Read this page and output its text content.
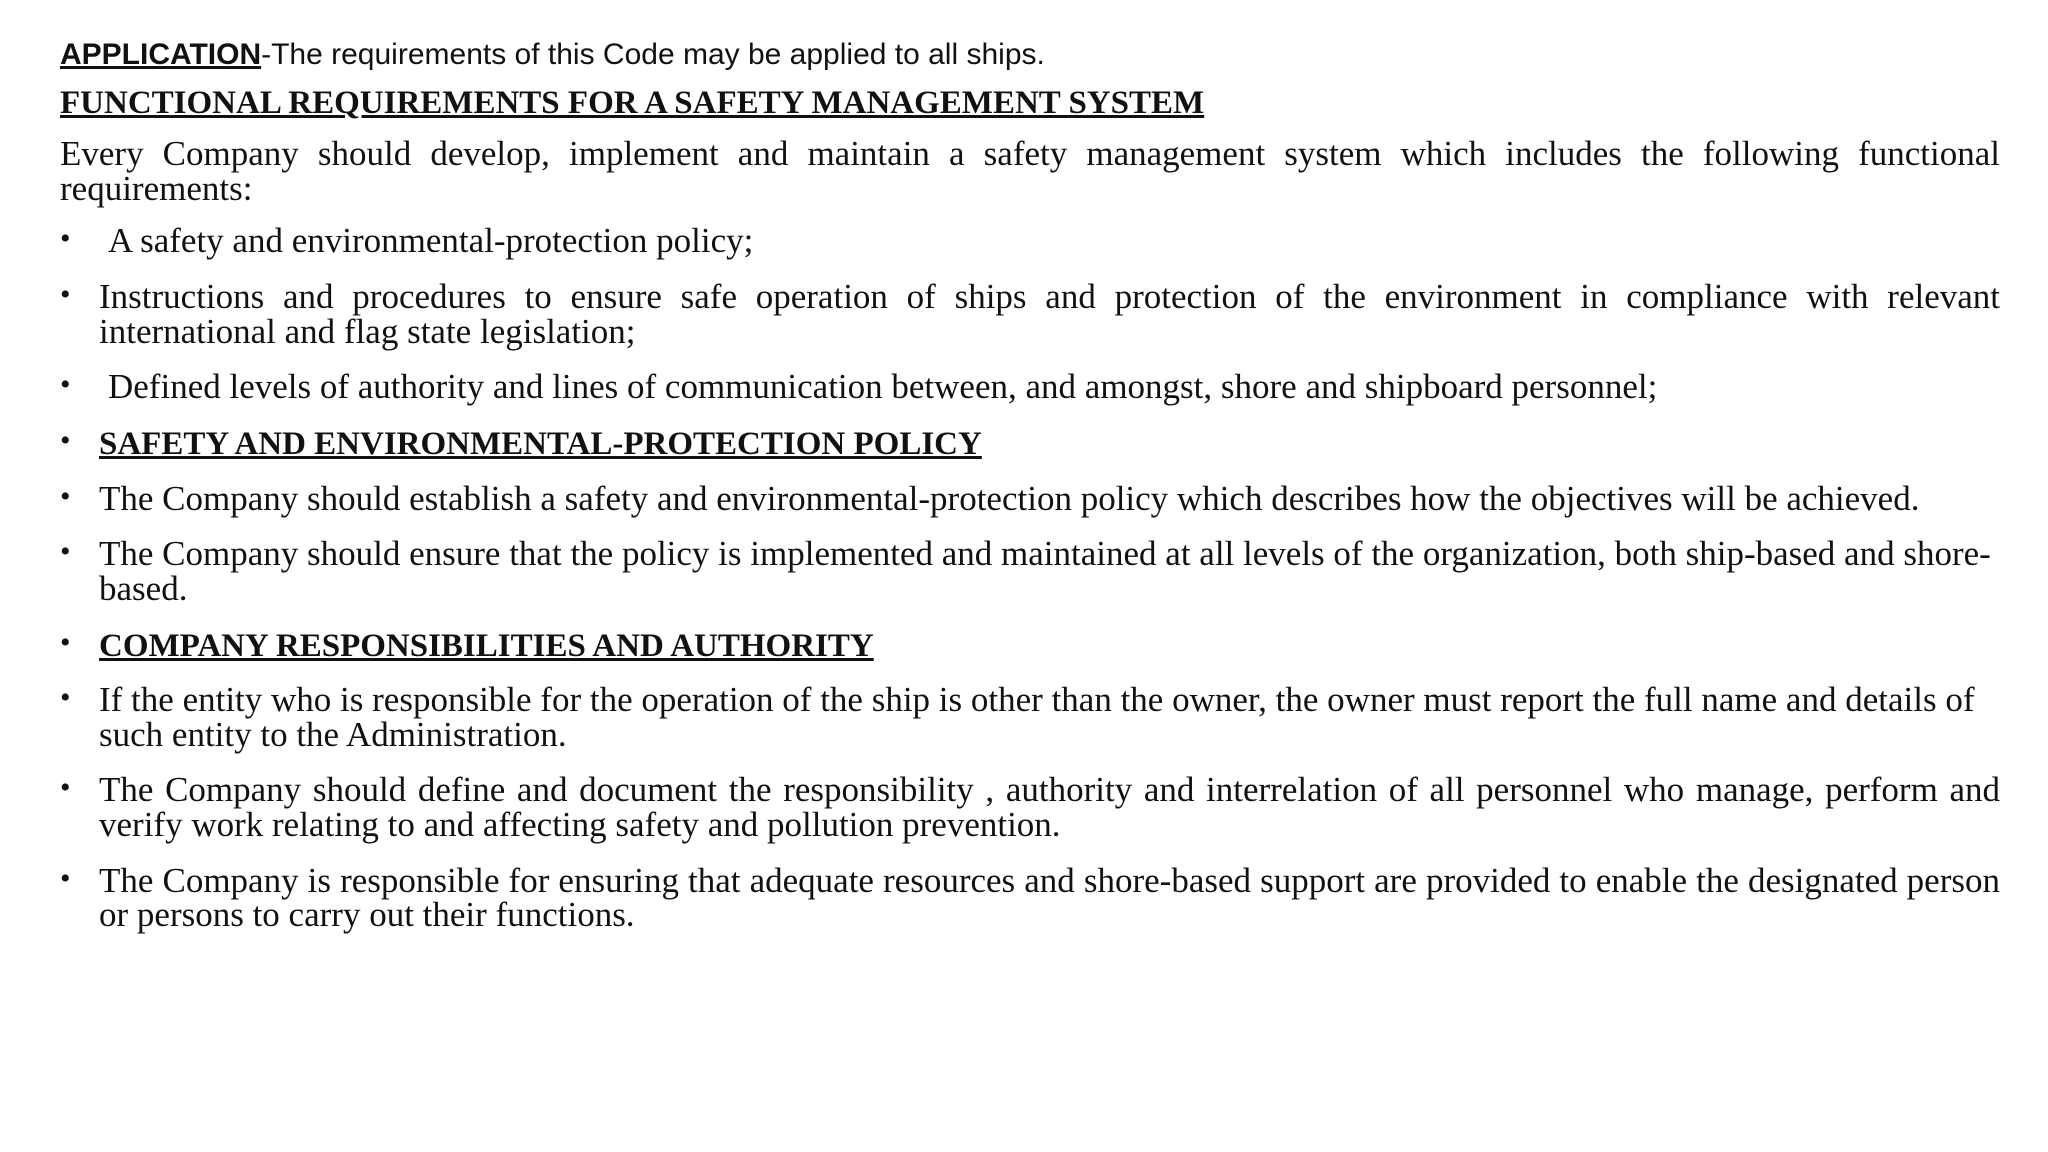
APPLICATION-The requirements of this Code may be applied to all ships.
FUNCTIONAL REQUIREMENTS FOR A SAFETY MANAGEMENT SYSTEM
Every Company should develop, implement and maintain a safety management system which includes the following functional requirements:
• A safety and environmental-protection policy;
• Instructions and procedures to ensure safe operation of ships and protection of the environment in compliance with relevant international and flag state legislation;
• Defined levels of authority and lines of communication between, and amongst, shore and shipboard personnel;
• SAFETY AND ENVIRONMENTAL-PROTECTION POLICY
• The Company should establish a safety and environmental-protection policy which describes how the objectives will be achieved.
• The Company should ensure that the policy is implemented and maintained at all levels of the organization, both ship-based and shore-based.
• COMPANY RESPONSIBILITIES AND AUTHORITY
• If the entity who is responsible for the operation of the ship is other than the owner, the owner must report the full name and details of such entity to the Administration.
• The Company should define and document the responsibility , authority and interrelation of all personnel who manage, perform and verify work relating to and affecting safety and pollution prevention.
• The Company is responsible for ensuring that adequate resources and shore-based support are provided to enable the designated person or persons to carry out their functions.
